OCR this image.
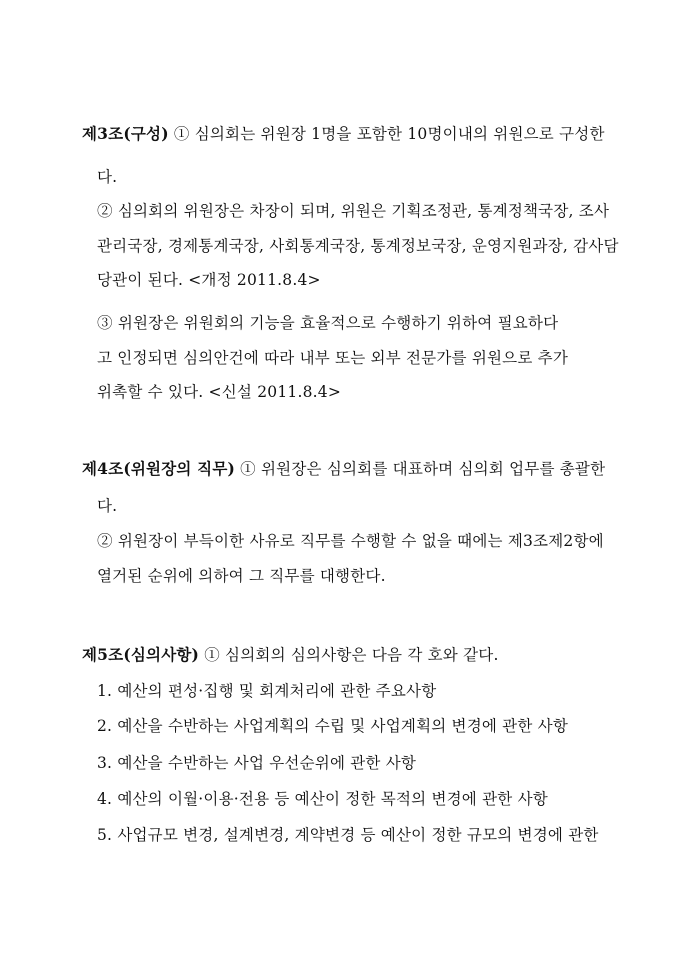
제3조(구성) ① 심의회는 위원장 1명을 포함한 10명이내의 위원으로 구성한
다.
② 심의회의 위원장은 차장이 되며, 위원은 기획조정관, 통계정책국장, 조사
관리국장, 경제통계국장, 사회통계국장, 통계정보국장, 운영지원과장, 감사담
당관이 된다. <개정 2011.8.4>
③ 위원장은 위원회의 기능을 효율적으로 수행하기 위하여 필요하다
고 인정되면 심의안건에 따라 내부 또는 외부 전문가를 위원으로 추가
위촉할 수 있다. <신설 2011.8.4>
제4조(위원장의 직무) ① 위원장은 심의회를 대표하며 심의회 업무를 총괄한
다.
② 위원장이 부득이한 사유로 직무를 수행할 수 없을 때에는 제3조제2항에
열거된 순위에 의하여 그 직무를 대행한다.
제5조(심의사항) ① 심의회의 심의사항은 다음 각 호와 같다.
1. 예산의 편성·집행 및 회계처리에 관한 주요사항
2. 예산을 수반하는 사업계획의 수립 및 사업계획의 변경에 관한 사항
3. 예산을 수반하는 사업 우선순위에 관한 사항
4. 예산의 이월·이용·전용 등 예산이 정한 목적의 변경에 관한 사항
5. 사업규모 변경, 설계변경, 계약변경 등 예산이 정한 규모의 변경에 관한
